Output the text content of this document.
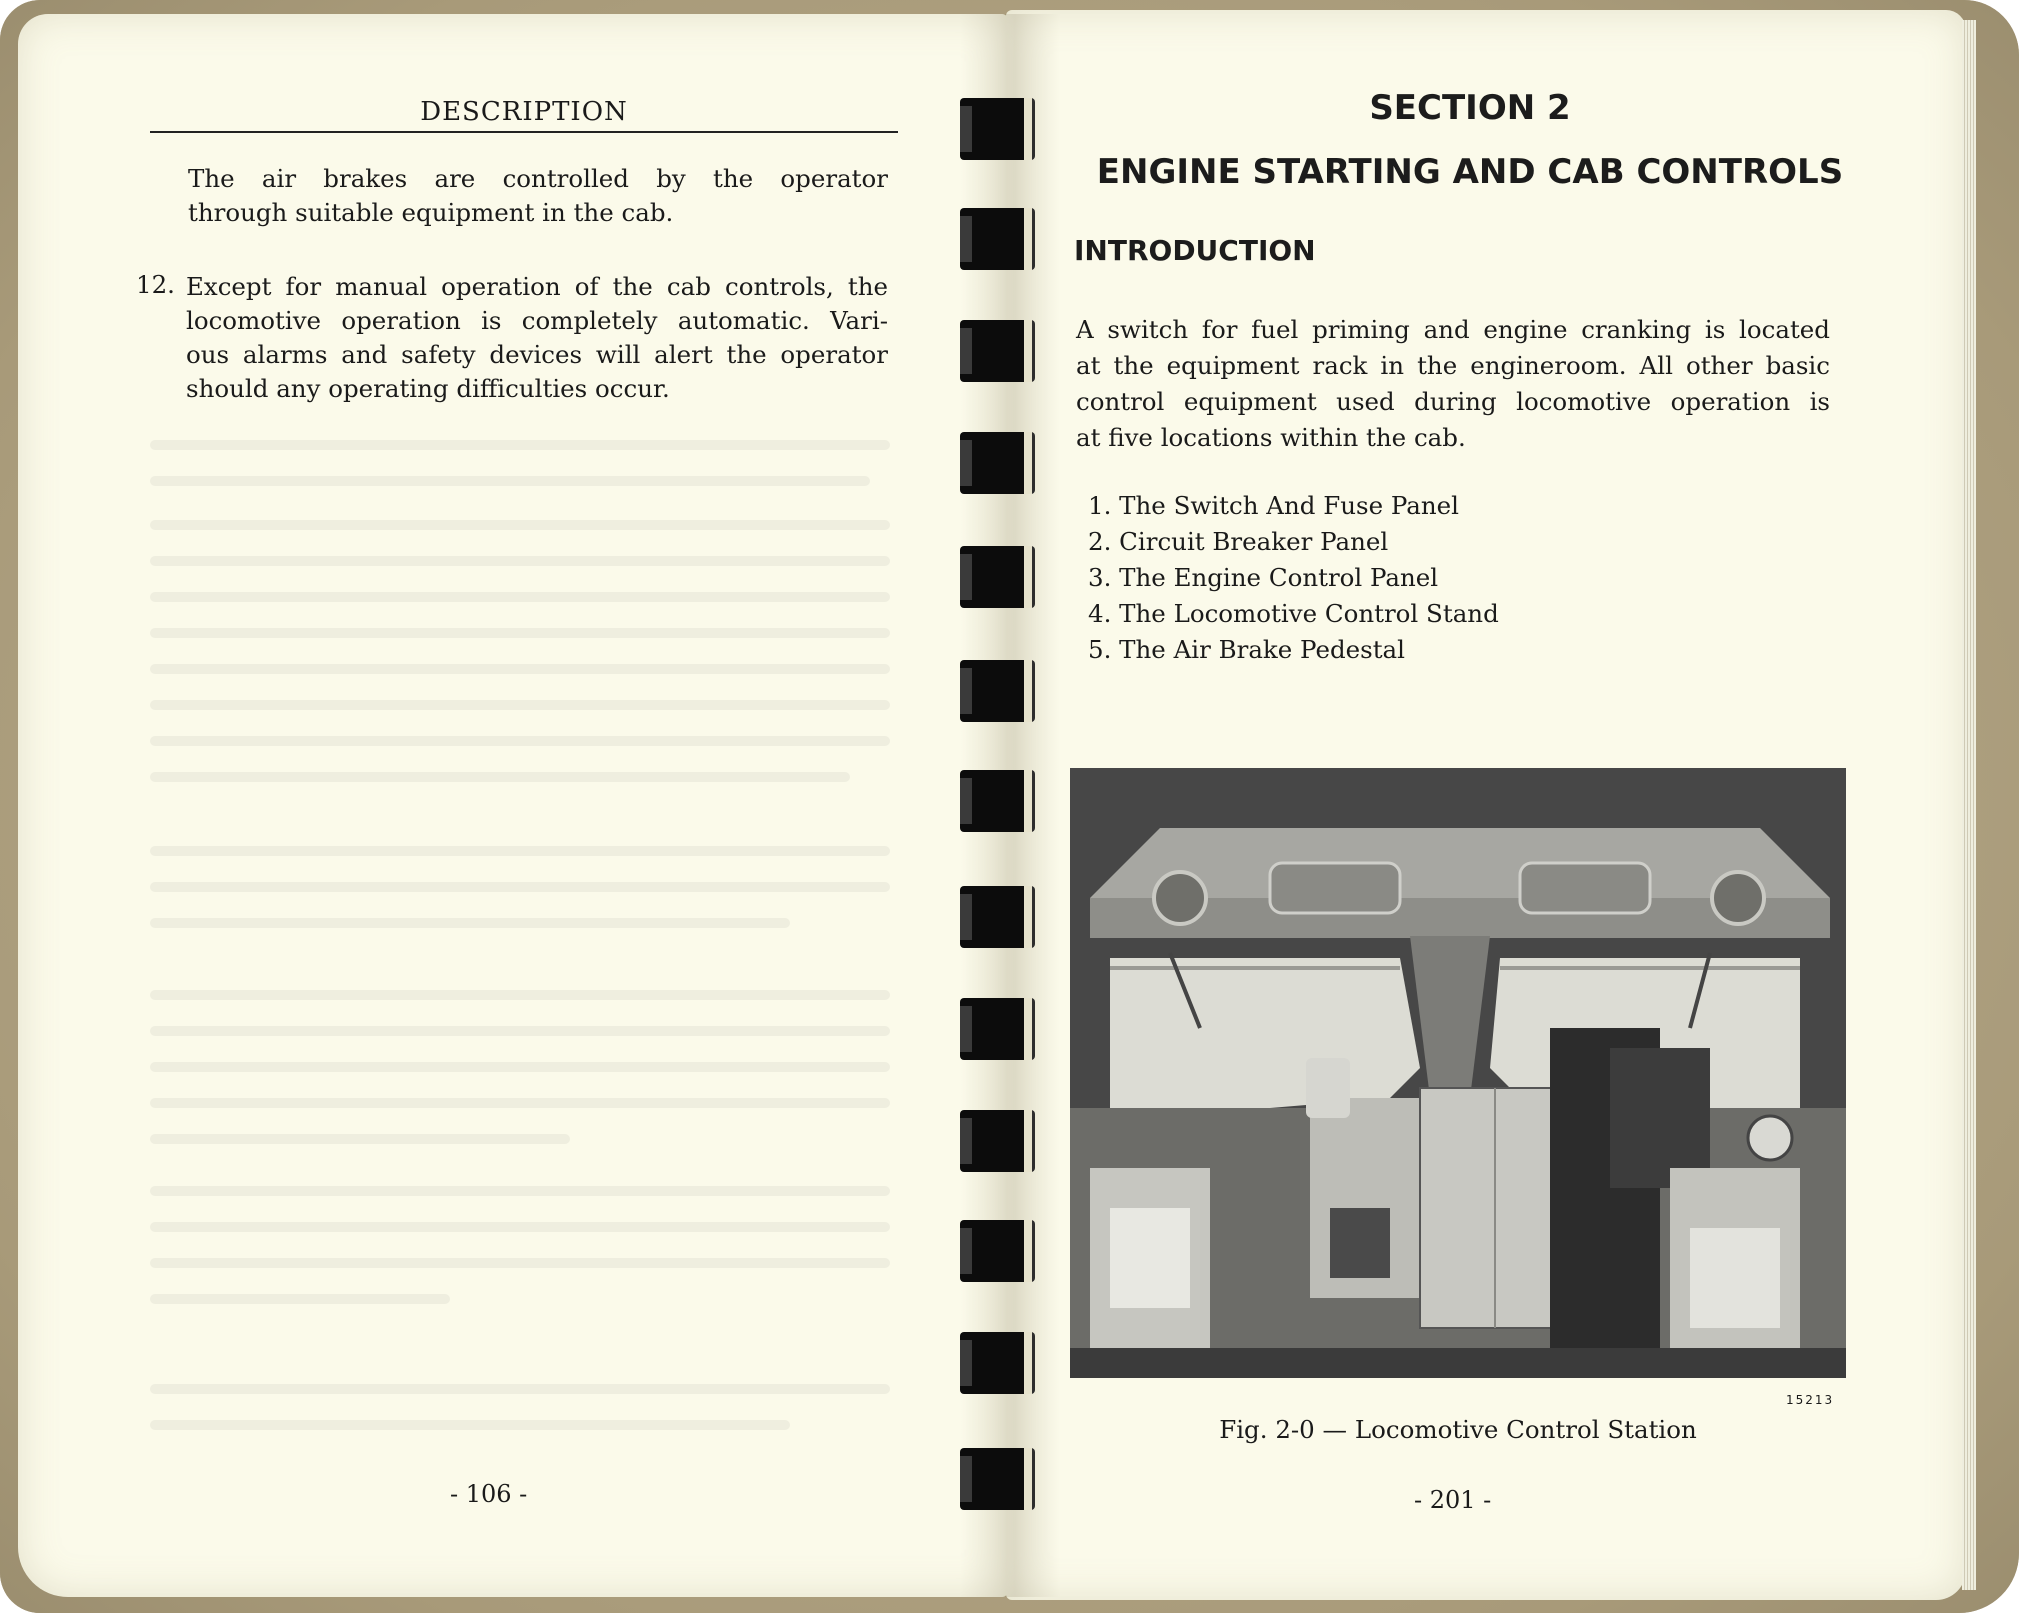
DESCRIPTION
The air brakes are controlled by the operator
through suitable equipment in the cab.
12. Except for manual operation of the cab controls, the
locomotive operation is completely automatic. Vari-
ous alarms and safety devices will alert the operator
should any operating difficulties occur.
- 106 -
SECTION 2
ENGINE STARTING AND CAB CONTROLS
INTRODUCTION
A switch for fuel priming and engine cranking is located
at the equipment rack in the engineroom. All other basic
control equipment used during locomotive operation is
at five locations within the cab.
1. The Switch And Fuse Panel
2. Circuit Breaker Panel
3. The Engine Control Panel
4. The Locomotive Control Stand
5. The Air Brake Pedestal
15213
Fig. 2-0 — Locomotive Control Station
- 201 -
